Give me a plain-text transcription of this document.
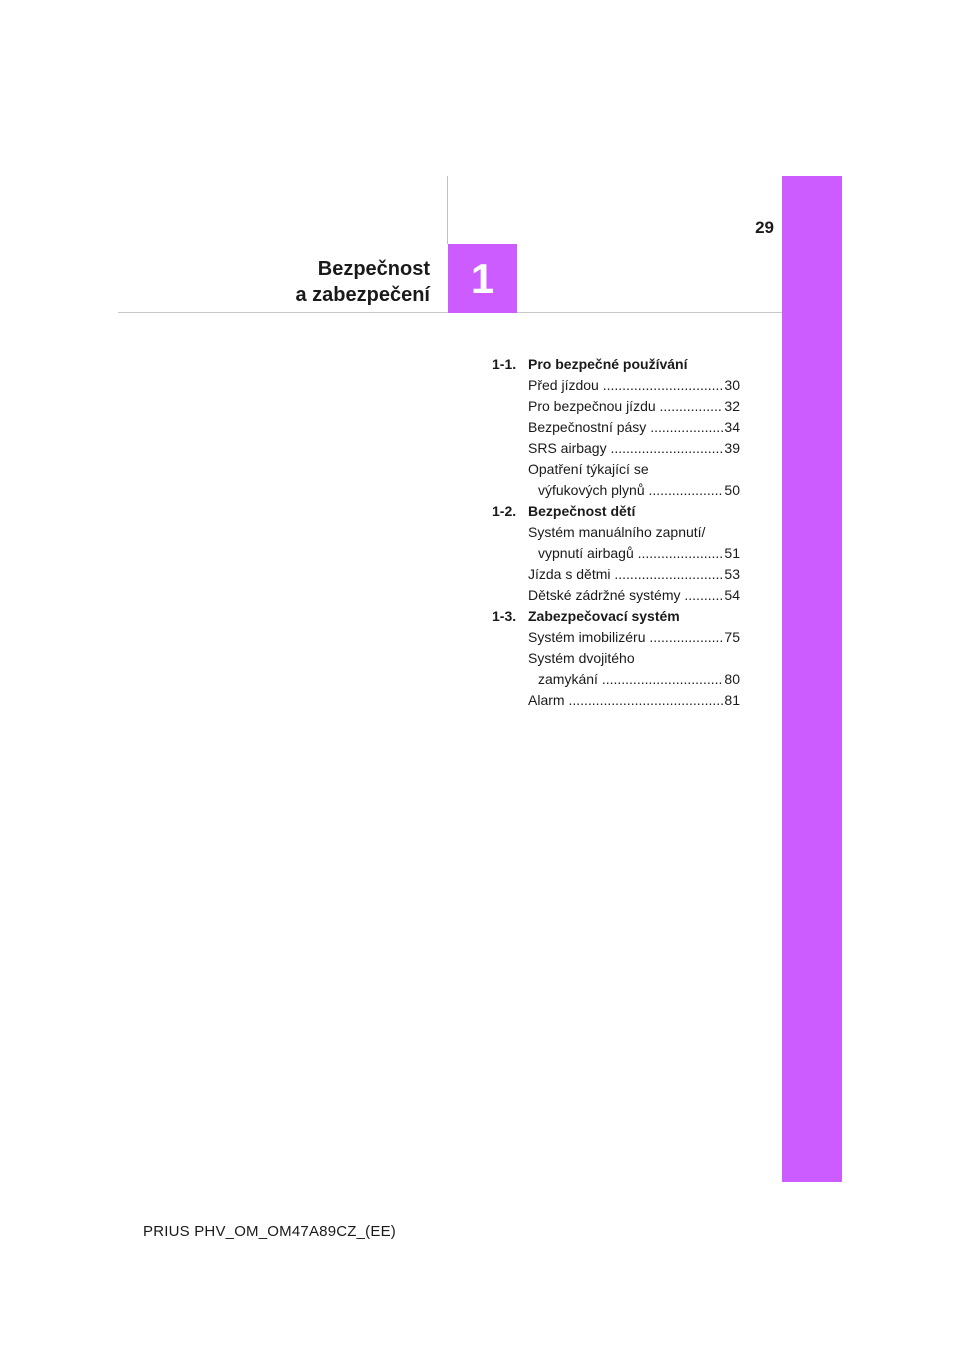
29
Bezpečnost
a zabezpečení 1
1-1. Pro bezpečné používání
Před jízdou .....	30
Pro bezpečnou jízdu .....	32
Bezpečnostní pásy .....	34
SRS airbagy .....	39
Opatření týkající se
výfukových plynů .....	50
1-2. Bezpečnost dětí
Systém manuálního zapnutí/
vypnutí airbagů .....	51
Jízda s dětmi .....	53
Dětské zádržné systémy .....	54
1-3. Zabezpečovací systém
Systém imobilizéru .....	75
Systém dvojitého
zamykání .....	80
Alarm .....	81
PRIUS PHV_OM_OM47A89CZ_(EE)
